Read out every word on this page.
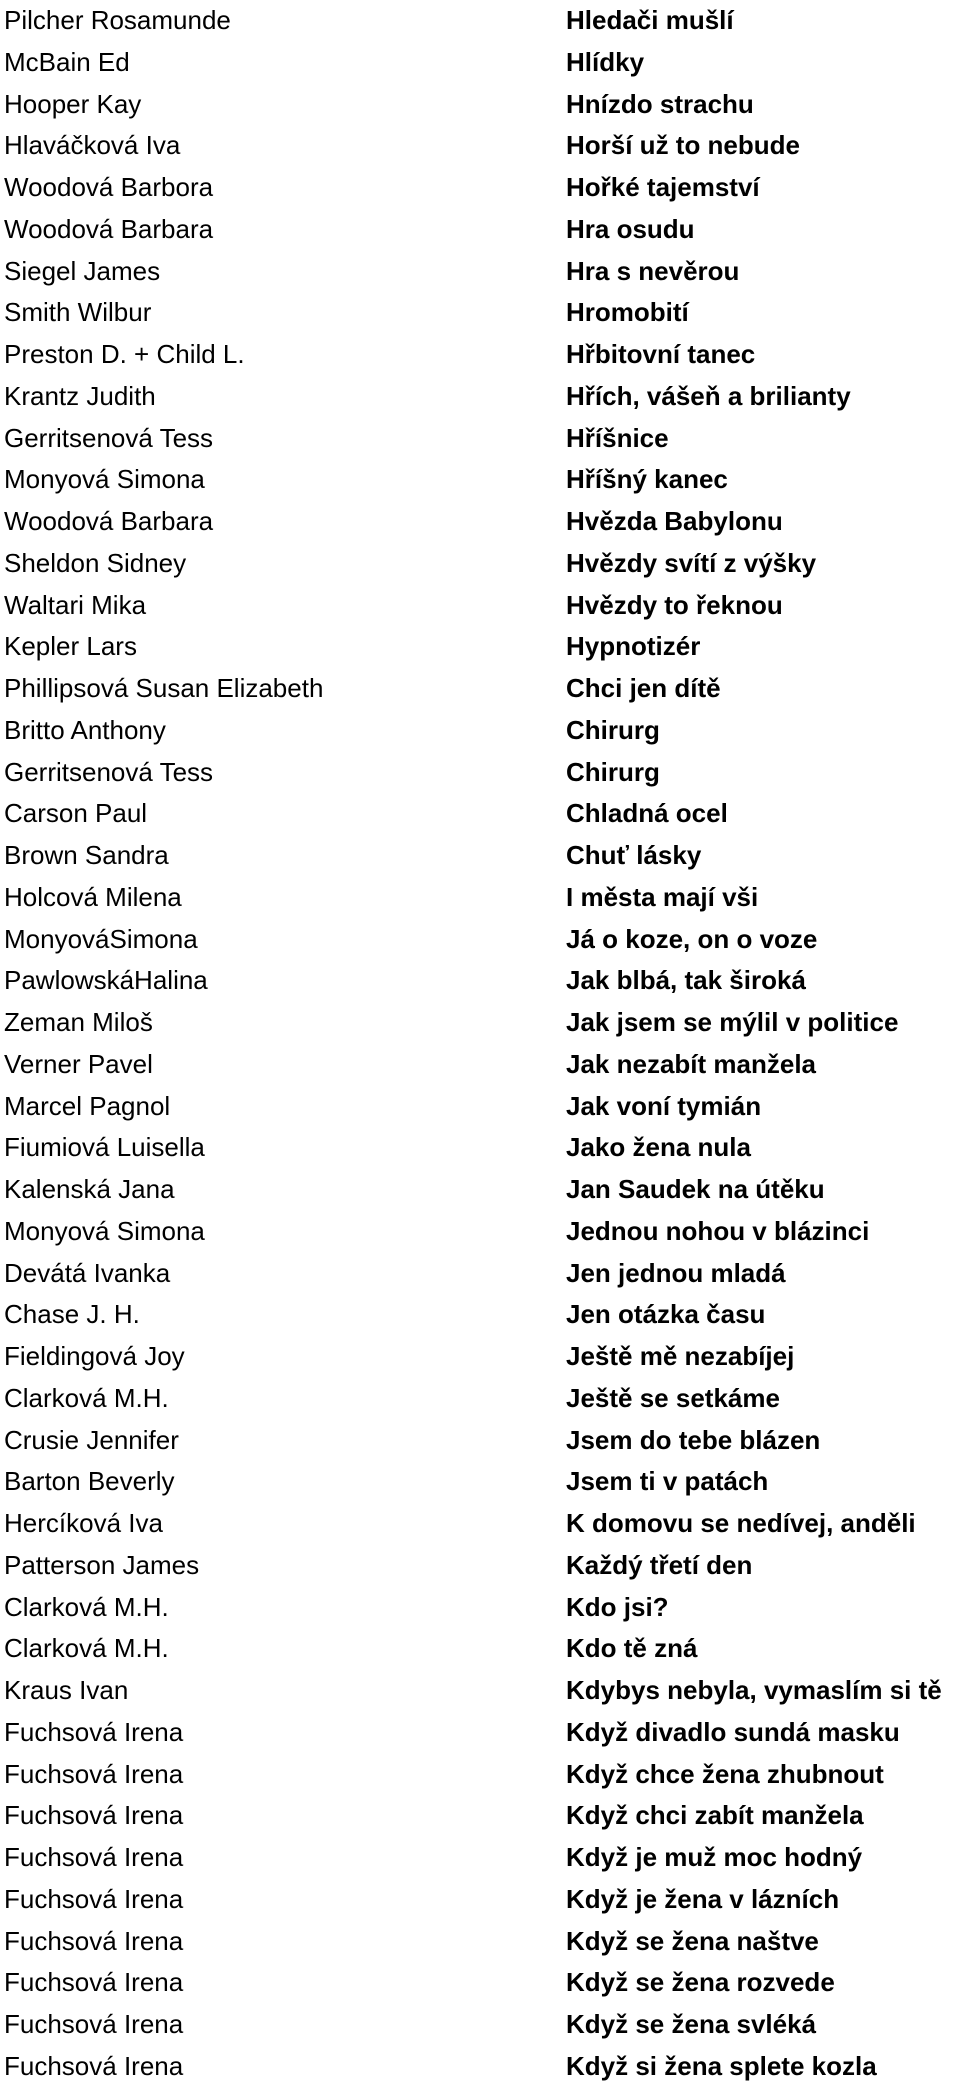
Pilcher Rosamunde	Hledači mušlí
McBain Ed	Hlídky
Hooper Kay	Hnízdo strachu
Hlaváčková Iva	Horší už to nebude
Woodová Barbora	Hořké tajemství
Woodová Barbara	Hra osudu
Siegel James	Hra s nevěrou
Smith Wilbur	Hromobití
Preston D. + Child L.	Hřbitovní tanec
Krantz Judith	Hřích, vášeň a brilianty
Gerritsenová Tess	Hříšnice
Monyová Simona	Hříšný kanec
Woodová Barbara	Hvězda Babylonu
Sheldon Sidney	Hvězdy svítí z výšky
Waltari Mika	Hvězdy to řeknou
Kepler Lars	Hypnotizér
Phillipsová Susan Elizabeth	Chci jen dítě
Britto Anthony	Chirurg
Gerritsenová Tess	Chirurg
Carson Paul	Chladná ocel
Brown Sandra	Chuť lásky
Holcová Milena	I města mají vši
MonyováSimona	Já o koze, on o voze
PawlowskáHalina	Jak blbá, tak široká
Zeman Miloš	Jak jsem se mýlil v politice
Verner Pavel	Jak nezabít manžela
Marcel Pagnol	Jak voní tymián
Fiumiová Luisella	Jako žena nula
Kalenská Jana	Jan Saudek na útěku
Monyová Simona	Jednou nohou v blázinci
Devátá Ivanka	Jen jednou mladá
Chase J. H.	Jen otázka času
Fieldingová Joy	Ještě mě nezabíjej
Clarková M.H.	Ještě se setkáme
Crusie Jennifer	Jsem do tebe blázen
Barton Beverly	Jsem ti v patách
Hercíková Iva	K domovu se nedívej, anděli
Patterson James	Každý třetí den
Clarková M.H.	Kdo jsi?
Clarková M.H.	Kdo tě zná
Kraus Ivan	Kdybys nebyla, vymaslím si tě
Fuchsová Irena	Když divadlo sundá masku
Fuchsová Irena	Když chce žena zhubnout
Fuchsová Irena	Když chci zabít manžela
Fuchsová Irena	Když je muž moc hodný
Fuchsová Irena	Když je žena v lázních
Fuchsová Irena	Když se žena naštve
Fuchsová Irena	Když se žena rozvede
Fuchsová Irena	Když se žena svléká
Fuchsová Irena	Když si žena splete kozla
